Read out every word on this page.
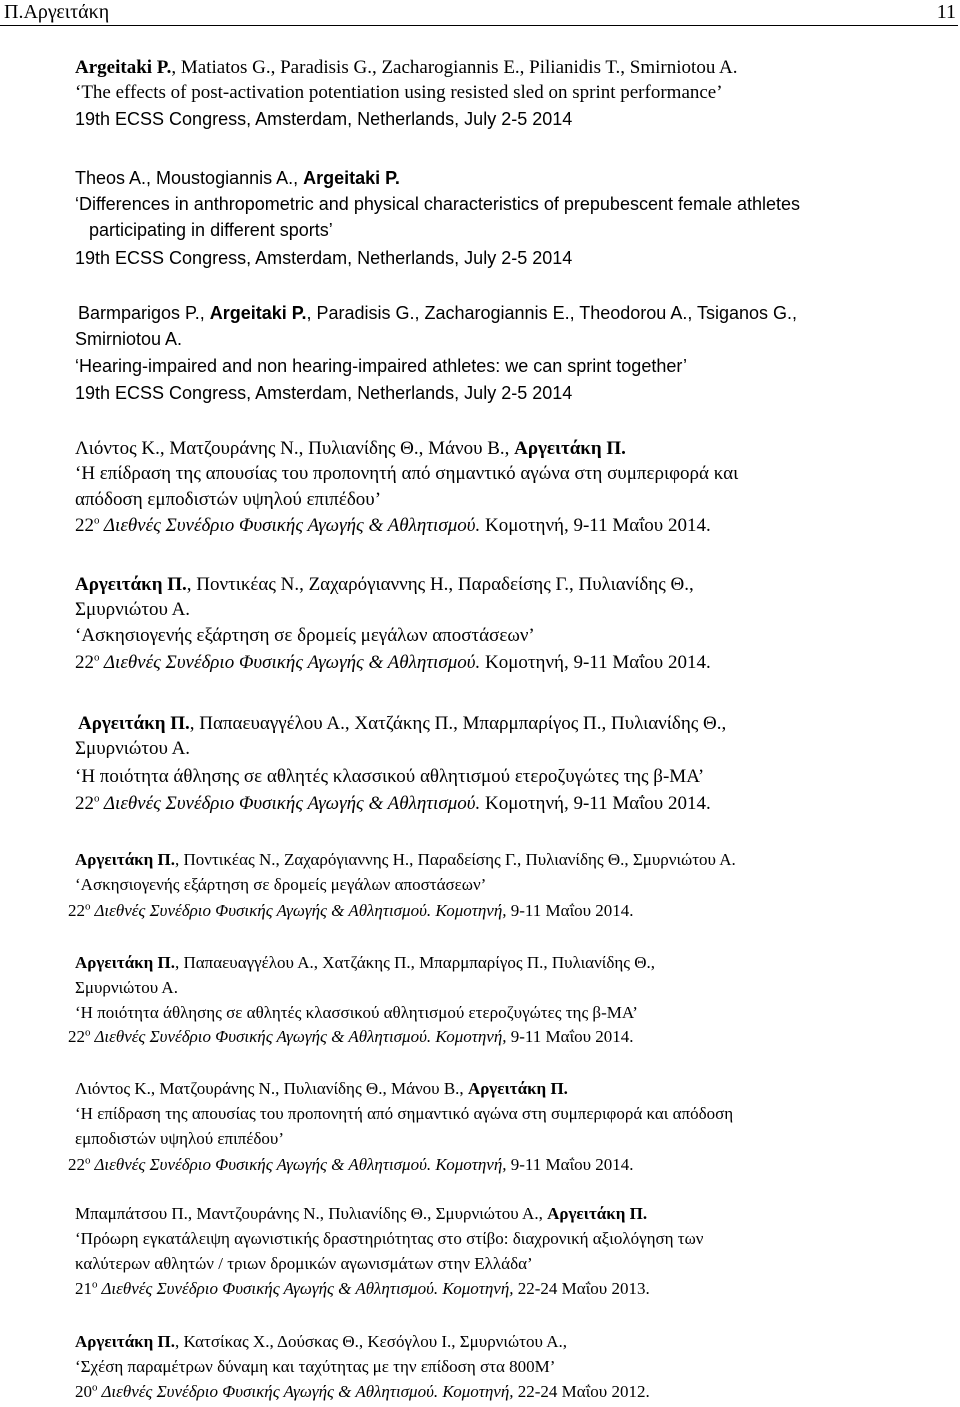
Π.Αργειτάκη	11
Argeitaki P., Matiatos G., Paradisis G., Zacharogiannis E., Pilianidis T., Smirniotou A.
‘The effects of post-activation potentiation using resisted sled on sprint performance’
19th ECSS Congress, Amsterdam, Netherlands, July 2-5 2014
Theos A., Moustogiannis A., Argeitaki P.
‘Differences in anthropometric and physical characteristics of prepubescent female athletes
participating in different sports’
19th ECSS Congress, Amsterdam, Netherlands, July 2-5 2014
Barmparigos P., Argeitaki P., Paradisis G., Zacharogiannis E., Theodorou A., Tsiganos G.,
Smirniotou A.
‘Hearing-impaired and non hearing-impaired athletes: we can sprint together’
19th ECSS Congress, Amsterdam, Netherlands, July 2-5 2014
Λιόντος Κ., Ματζουράνης Ν., Πυλιανίδης Θ., Μάνου Β., Αργειτάκη Π.
‘Η επίδραση της απουσίας του προπονητή από σημαντικό αγώνα στη συμπεριφορά και
απόδοση εμποδιστών υψηλού επιπέδου’
$22^o$ Διεθνές Συνέδριο Φυσικής Αγωγής & Αθλητισμού. Κομοτηνή, 9-11 Μαΐου 2014.
Αργειτάκη Π., Ποντικέας Ν., Ζαχαρόγιαννης Η., Παραδείσης Γ., Πυλιανίδης Θ.,
Σμυρνιώτου Α.
‘Ασκησιογενής εξάρτηση σε δρομείς μεγάλων αποστάσεων’
$22^o$ Διεθνές Συνέδριο Φυσικής Αγωγής & Αθλητισμού. Κομοτηνή, 9-11 Μαΐου 2014.
Αργειτάκη Π., Παπαευαγγέλου Α., Χατζάκης Π., Μπαρμπαρίγος Π., Πυλιανίδης Θ.,
Σμυρνιώτου Α.
‘Η ποιότητα άθλησης σε αθλητές κλασσικού αθλητισμού ετεροζυγώτες της β-ΜΑ’
$22^o$ Διεθνές Συνέδριο Φυσικής Αγωγής & Αθλητισμού. Κομοτηνή, 9-11 Μαΐου 2014.
Αργειτάκη Π., Ποντικέας Ν., Ζαχαρόγιαννης Η., Παραδείσης Γ., Πυλιανίδης Θ., Σμυρνιώτου Α.
‘Ασκησιογενής εξάρτηση σε δρομείς μεγάλων αποστάσεων’
$22^o$ Διεθνές Συνέδριο Φυσικής Αγωγής & Αθλητισμού. Κομοτηνή, 9-11 Μαΐου 2014.
Αργειτάκη Π., Παπαευαγγέλου Α., Χατζάκης Π., Μπαρμπαρίγος Π., Πυλιανίδης Θ.,
Σμυρνιώτου Α.
‘Η ποιότητα άθλησης σε αθλητές κλασσικού αθλητισμού ετεροζυγώτες της β-ΜΑ’
$22^o$ Διεθνές Συνέδριο Φυσικής Αγωγής & Αθλητισμού. Κομοτηνή, 9-11 Μαΐου 2014.
Λιόντος Κ., Ματζουράνης Ν., Πυλιανίδης Θ., Μάνου Β., Αργειτάκη Π.
‘Η επίδραση της απουσίας του προπονητή από σημαντικό αγώνα στη συμπεριφορά και απόδοση
εμποδιστών υψηλού επιπέδου’
$22^o$ Διεθνές Συνέδριο Φυσικής Αγωγής & Αθλητισμού. Κομοτηνή, 9-11 Μαΐου 2014.
Μπαμπάτσου Π., Μαντζουράνης Ν., Πυλιανίδης Θ., Σμυρνιώτου Α., Αργειτάκη Π.
‘Πρόωρη εγκατάλειψη αγωνιστικής δραστηριότητας στο στίβο: διαχρονική αξιολόγηση των
καλύτερων αθλητών / τριων δρομικών αγωνισμάτων στην Ελλάδα’
$21^o$ Διεθνές Συνέδριο Φυσικής Αγωγής & Αθλητισμού. Κομοτηνή, 22-24 Μαΐου 2013.
Αργειτάκη Π., Κατσίκας Χ., Δούσκας Θ., Κεσόγλου Ι., Σμυρνιώτου Α.,
‘Σχέση παραμέτρων δύναμη και ταχύτητας με την επίδοση στα 800Μ’
$20^o$ Διεθνές Συνέδριο Φυσικής Αγωγής & Αθλητισμού. Κομοτηνή, 22-24 Μαΐου 2012.
